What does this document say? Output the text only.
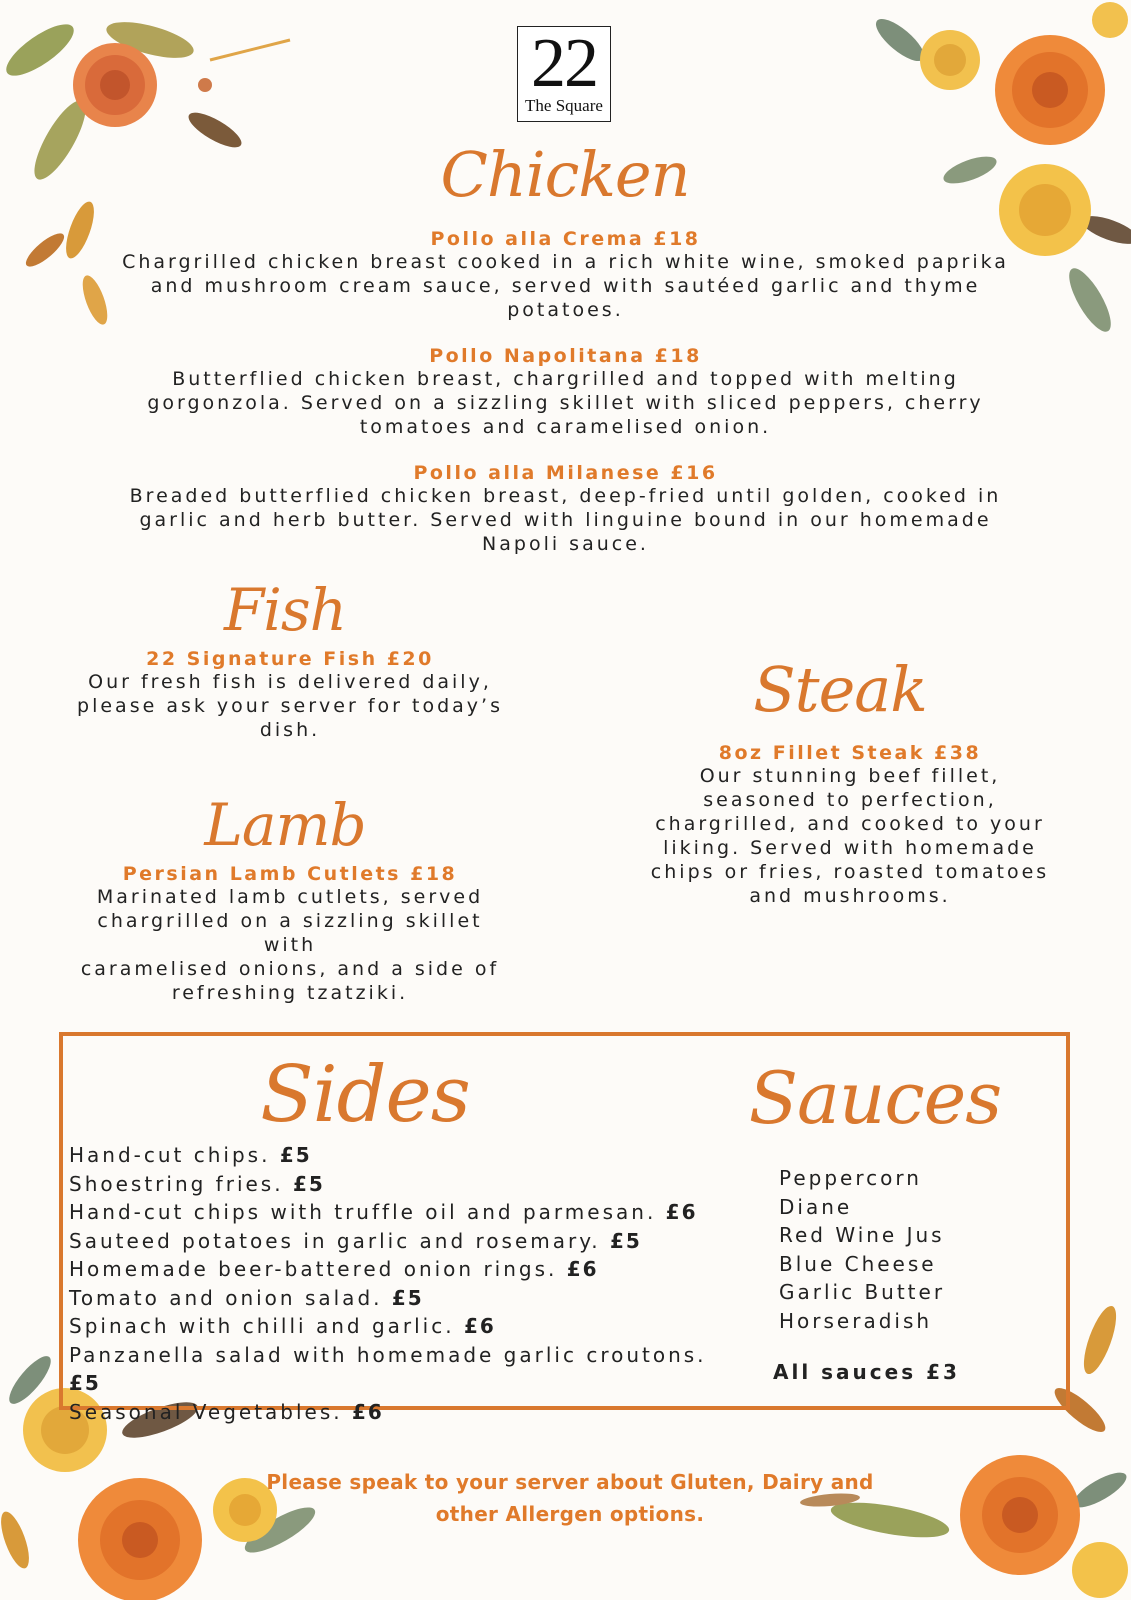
22
The Square
Chicken
Pollo alla Crema £18
Chargrilled chicken breast cooked in a rich white wine, smoked paprika
and mushroom cream sauce, served with sautéed garlic and thyme
potatoes.
Pollo Napolitana £18
Butterflied chicken breast, chargrilled and topped with melting
gorgonzola. Served on a sizzling skillet with sliced peppers, cherry
tomatoes and caramelised onion.
Pollo alla Milanese £16
Breaded butterflied chicken breast, deep-fried until golden, cooked in
garlic and herb butter. Served with linguine bound in our homemade
Napoli sauce.
Fish
22 Signature Fish £20
Our fresh fish is delivered daily,
please ask your server for today’s
dish.
Lamb
Persian Lamb Cutlets £18
Marinated lamb cutlets, served
chargrilled on a sizzling skillet with
caramelised onions, and a side of
refreshing tzatziki.
Steak
8oz Fillet Steak £38
Our stunning beef fillet,
seasoned to perfection,
chargrilled, and cooked to your
liking. Served with homemade
chips or fries, roasted tomatoes
and mushrooms.
Sides
Hand-cut chips. £5
Shoestring fries. £5
Hand-cut chips with truffle oil and parmesan. £6
Sauteed potatoes in garlic and rosemary. £5
Homemade beer-battered onion rings. £6
Tomato and onion salad. £5
Spinach with chilli and garlic. £6
Panzanella salad with homemade garlic croutons. £5
Seasonal Vegetables. £6
Sauces
Peppercorn
Diane
Red Wine Jus
Blue Cheese
Garlic Butter
Horseradish
All sauces £3
Please speak to your server about Gluten, Dairy and
other Allergen options.
